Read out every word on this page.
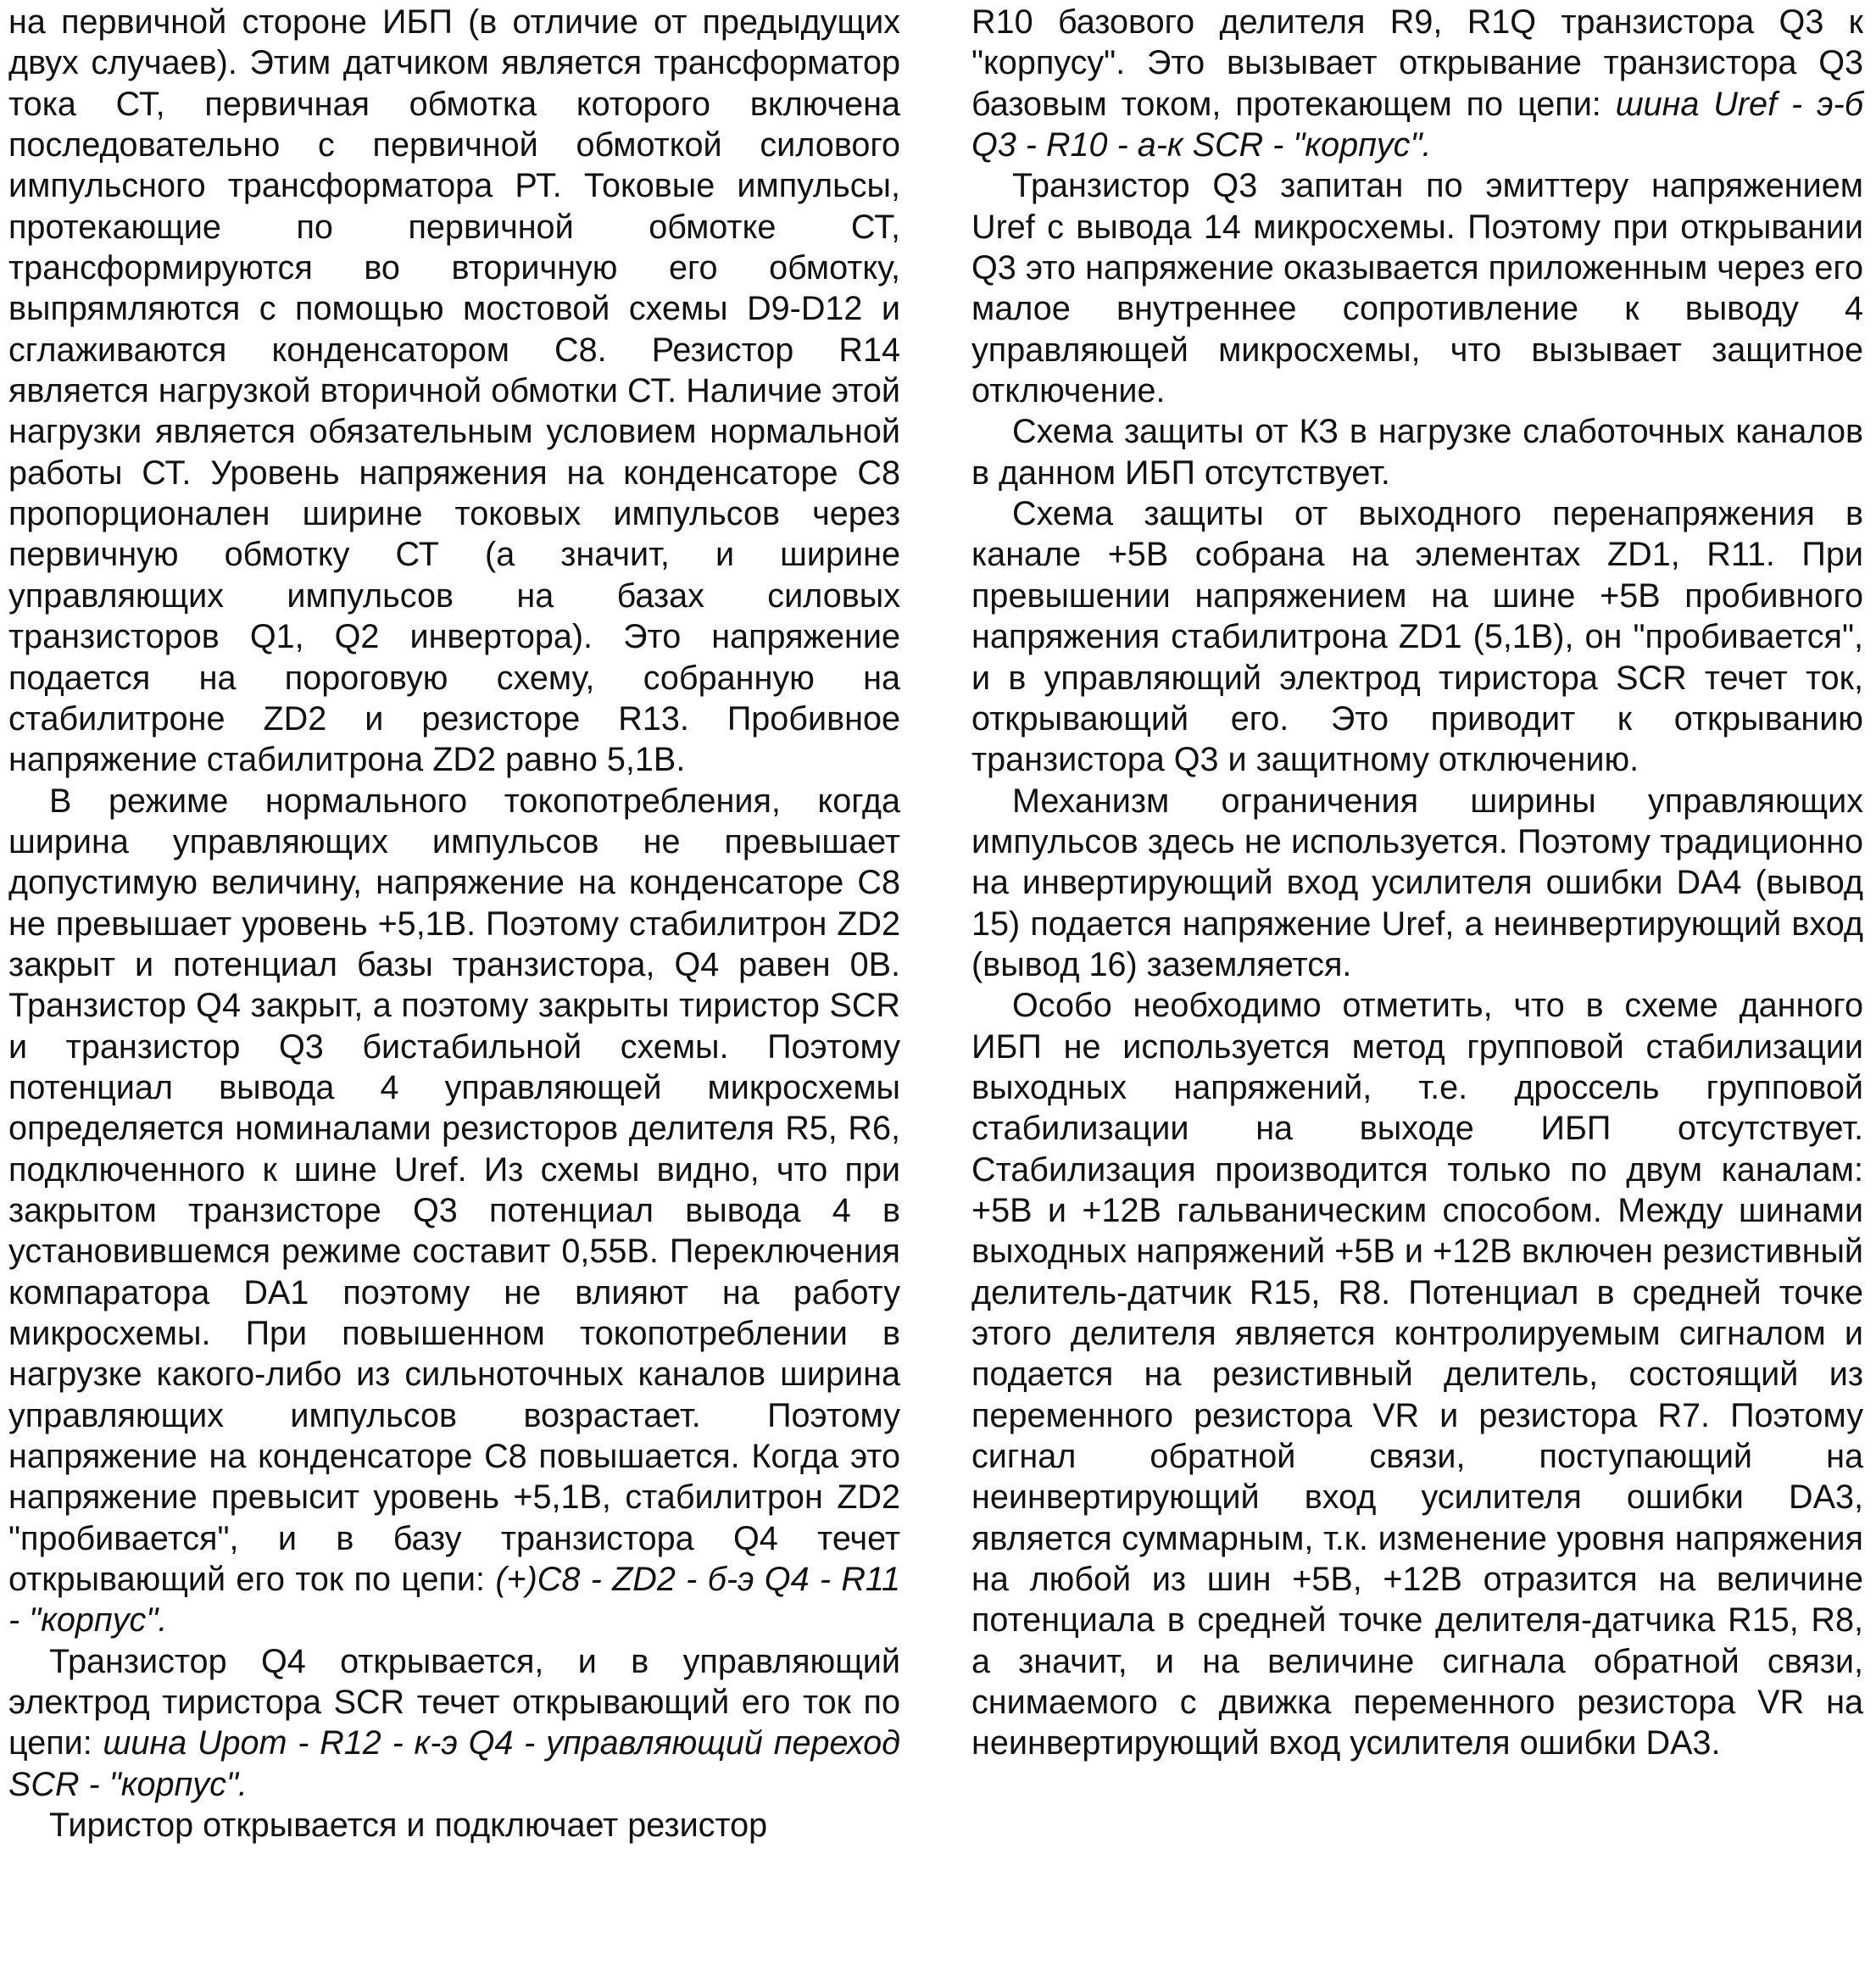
на первичной стороне ИБП (в отличие от предыдущих двух случаев). Этим датчиком является трансформатор тока СТ, первичная обмотка которого включена последовательно с первичной обмоткой силового импульсного трансформатора РТ. Токовые импульсы, протекающие по первичной обмотке СТ, трансформируются во вторичную его обмотку, выпрямляются с помощью мостовой схемы D9-D12 и сглаживаются конденсатором С8. Резистор R14 является нагрузкой вторичной обмотки СТ. Наличие этой нагрузки является обязательным условием нормальной работы СТ. Уровень напряжения на конденсаторе С8 пропорционален ширине токовых импульсов через первичную обмотку СТ (а значит, и ширине управляющих импульсов на базах силовых транзисторов Q1, Q2 инвертора). Это напряжение подается на пороговую схему, собранную на стабилитроне ZD2 и резисторе R13. Пробивное напряжение стабилитрона ZD2 равно 5,1В.

В режиме нормального токопотребления, когда ширина управляющих импульсов не превышает допустимую величину, напряжение на конденсаторе С8 не превышает уровень +5,1В. Поэтому стабилитрон ZD2 закрыт и потенциал базы транзистора, Q4 равен 0В. Транзистор Q4 закрыт, а поэтому закрыты тиристор SCR и транзистор Q3 бистабильной схемы. Поэтому потенциал вывода 4 управляющей микросхемы определяется номиналами резисторов делителя R5, R6, подключенного к шине Uref. Из схемы видно, что при закрытом транзисторе Q3 потенциал вывода 4 в установившемся режиме составит 0,55В. Переключения компаратора DA1 поэтому не влияют на работу микросхемы. При повышенном токопотреблении в нагрузке какого-либо из сильноточных каналов ширина управляющих импульсов возрастает. Поэтому напряжение на конденсаторе С8 повышается. Когда это напряжение превысит уровень +5,1В, стабилитрон ZD2 "пробивается", и в базу транзистора Q4 течет открывающий его ток по цепи: (+)С8 - ZD2 - б-э Q4 - R11 - "корпус".

Транзистор Q4 открывается, и в управляющий электрод тиристора SCR течет открывающий его ток по цепи: шина Upom - R12 - к-э Q4 - управляющий переход SCR - "корпус".

Тиристор открывается и подключает резистор

R10 базового делителя R9, R1Q транзистора Q3 к "корпусу". Это вызывает открывание транзистора Q3 базовым током, протекающем по цепи: шина Uref - э-б Q3 - R10 - а-к SCR - "корпус".

Транзистор Q3 запитан по эмиттеру напряжением Uref с вывода 14 микросхемы. Поэтому при открывании Q3 это напряжение оказывается приложенным через его малое внутреннее сопротивление к выводу 4 управляющей микросхемы, что вызывает защитное отключение.

Схема защиты от КЗ в нагрузке слаботочных каналов в данном ИБП отсутствует.

Схема защиты от выходного перенапряжения в канале +5В собрана на элементах ZD1, R11. При превышении напряжением на шине +5В пробивного напряжения стабилитрона ZD1 (5,1В), он "пробивается", и в управляющий электрод тиристора SCR течет ток, открывающий его. Это приводит к открыванию транзистора Q3 и защитному отключению.

Механизм ограничения ширины управляющих импульсов здесь не используется. Поэтому традиционно на инвертирующий вход усилителя ошибки DA4 (вывод 15) подается напряжение Uref, а неинвертирующий вход (вывод 16) заземляется.

Особо необходимо отметить, что в схеме данного ИБП не используется метод групповой стабилизации выходных напряжений, т.е. дроссель групповой стабилизации на выходе ИБП отсутствует. Стабилизация производится только по двум каналам: +5В и +12В гальваническим способом. Между шинами выходных напряжений +5В и +12В включен резистивный делитель-датчик R15, R8. Потенциал в средней точке этого делителя является контролируемым сигналом и подается на резистивный делитель, состоящий из переменного резистора VR и резистора R7. Поэтому сигнал обратной связи, поступающий на неинвертирующий вход усилителя ошибки DA3, является суммарным, т.к. изменение уровня напряжения на любой из шин +5В, +12В отразится на величине потенциала в средней точке делителя-датчика R15, R8, а значит, и на величине сигнала обратной связи, снимаемого с движка переменного резистора VR на неинвертирующий вход усилителя ошибки DA3.
